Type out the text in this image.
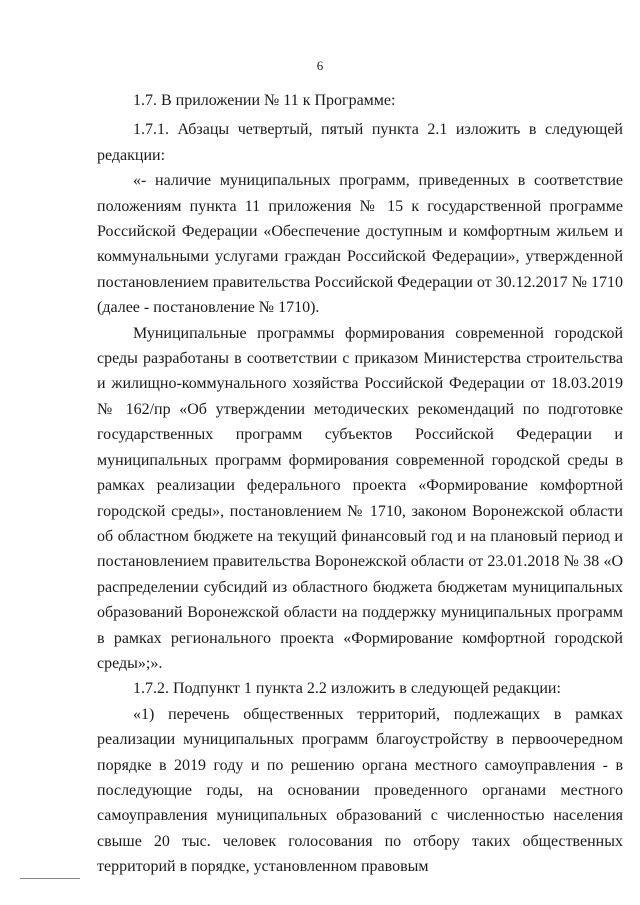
6

1.7. В приложении № 11 к Программе:

1.7.1. Абзацы четвертый, пятый пункта 2.1 изложить в следующей редакции:

«- наличие муниципальных программ, приведенных в соответствие положениям пункта 11 приложения № 15 к государственной программе Российской Федерации «Обеспечение доступным и комфортным жильем и коммунальными услугами граждан Российской Федерации», утвержденной постановлением правительства Российской Федерации от 30.12.2017 № 1710 (далее - постановление № 1710).

Муниципальные программы формирования современной городской среды разработаны в соответствии с приказом Министерства строительства и жилищно-коммунального хозяйства Российской Федерации от 18.03.2019 № 162/пр «Об утверждении методических рекомендаций по подготовке государственных программ субъектов Российской Федерации и муниципальных программ формирования современной городской среды в рамках реализации федерального проекта «Формирование комфортной городской среды», постановлением № 1710, законом Воронежской области об областном бюджете на текущий финансовый год и на плановый период и постановлением правительства Воронежской области от 23.01.2018 № 38 «О распределении субсидий из областного бюджета бюджетам муниципальных образований Воронежской области на поддержку муниципальных программ в рамках регионального проекта «Формирование комфортной городской среды»;».

1.7.2. Подпункт 1 пункта 2.2 изложить в следующей редакции:

«1) перечень общественных территорий, подлежащих в рамках реализации муниципальных программ благоустройству в первоочередном порядке в 2019 году и по решению органа местного самоуправления - в последующие годы, на основании проведенного органами местного самоуправления муниципальных образований с численностью населения свыше 20 тыс. человек голосования по отбору таких общественных территорий в порядке, установленном правовым
